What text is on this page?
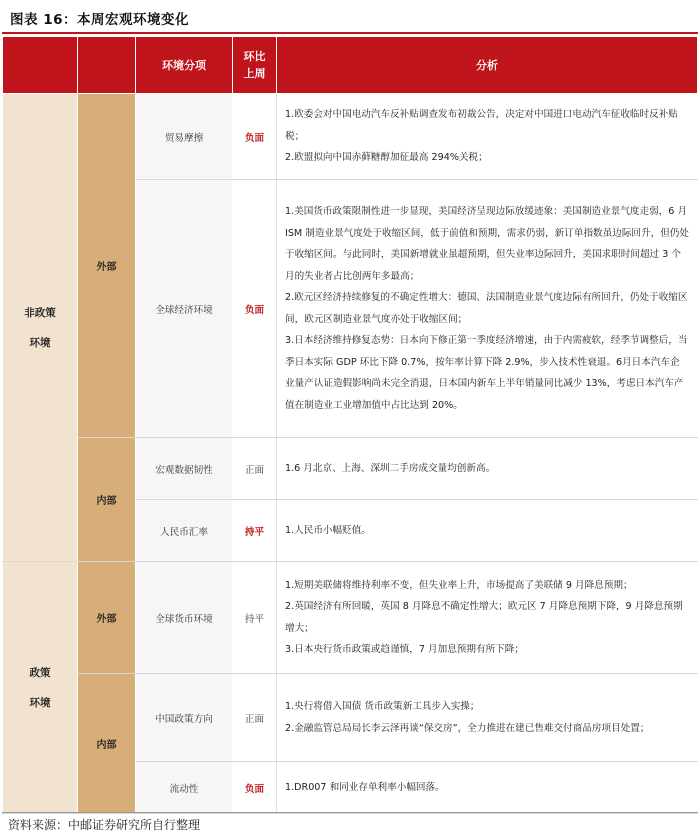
图表 16：本周宏观环境变化
		环境分项	环比
上周	分析
非政策
环境	外部	贸易摩擦	负面	1.欧委会对中国电动汽车反补贴调查发布初裁公告，决定对中国进口电动汽车征收临时反补贴税；
2.欧盟拟向中国赤藓糖醇加征最高 294%关税；

		全球经济环境	负面	1.美国货币政策限制性进一步显现，美国经济呈现边际放缓迹象：美国制造业景气度走弱，6 月 ISM 制造业景气度处于收缩区间，低于前值和预期，需求仍弱，新订单指数虽边际回升，但仍处于收缩区间。与此同时，美国新增就业虽超预期，但失业率边际回升，美国求职时间超过 3 个月的失业者占比创两年多最高；
2.欧元区经济持续修复的不确定性增大：德国、法国制造业景气度边际有所回升，仍处于收缩区间，欧元区制造业景气度亦处于收缩区间；
3.日本经济维持修复态势：日本向下修正第一季度经济增速，由于内需疲软，经季节调整后，当季日本实际 GDP 环比下降 0.7%，按年率计算下降 2.9%，步入技术性衰退。6月日本汽车企业量产认证造假影响尚未完全消退，日本国内新车上半年销量同比减少 13%，考虑日本汽车产值在制造业工业增加值中占比达到 20%。

	内部	宏观数据韧性	正面	1.6 月北京、上海、深圳二手房成交量均创新高。

		人民币汇率	持平	1.人民币小幅贬值。

政策
环境	外部	全球货币环境	持平	1.短期美联储将维持利率不变，但失业率上升，市场提高了美联储 9 月降息预期；
2.英国经济有所回暖，英国 8 月降息不确定性增大；欧元区 7 月降息预期下降，9 月降息预期增大；
3.日本央行货币政策或趋谨慎，7 月加息预期有所下降；

	内部	中国政策方向	正面	1.央行将借入国债 货币政策新工具步入实操；
2.金融监管总局局长李云泽再谈“保交房”，全力推进在建已售难交付商品房项目处置；

		流动性	负面	1.DR007 和同业存单利率小幅回落。
资料来源：中邮证券研究所自行整理
